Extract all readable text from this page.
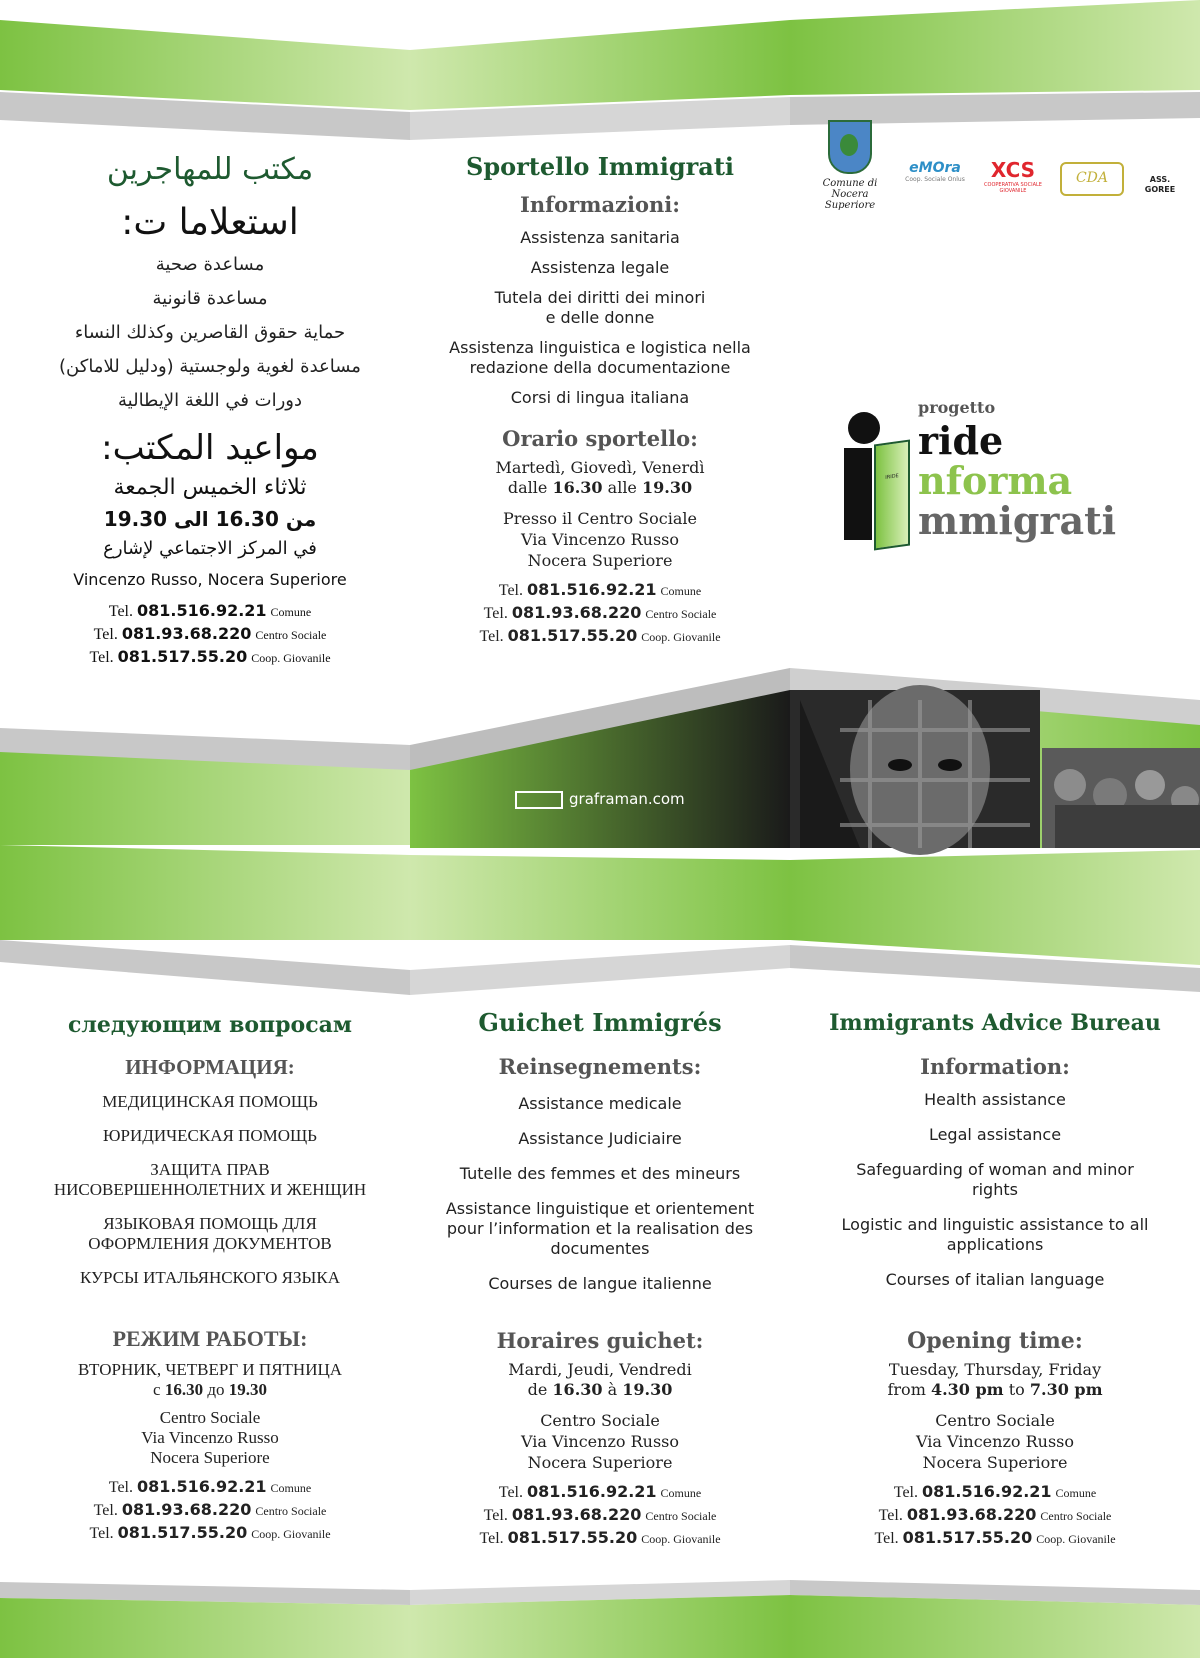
graframan.com
مكتب للمهاجرين
استعلاما ت:
مساعدة صحية
مساعدة قانونية
حماية حقوق القاصرين وكذلك النساء
مساعدة لغوية ولوجستية (ودليل للاماكن)
دورات في اللغة الإيطالية
مواعيد المكتب:
ثلاثاء الخميس الجمعة
من 16.30 الى 19.30
في المركز الاجتماعي لإشارع
Vincenzo Russo, Nocera Superiore
Tel. 081.516.92.21 Comune
Tel. 081.93.68.220 Centro Sociale
Tel. 081.517.55.20 Coop. Giovanile
Sportello Immigrati
Informazioni:
Assistenza sanitaria
Assistenza legale
Tutela dei diritti dei minori
e delle donne
Assistenza linguistica e logistica nella
redazione della documentazione
Corsi di lingua italiana
Orario sportello:
Martedì, Giovedì, Venerdì
dalle 16.30 alle 19.30
Presso il Centro Sociale
Via Vincenzo Russo
Nocera Superiore
Tel. 081.516.92.21 Comune
Tel. 081.93.68.220 Centro Sociale
Tel. 081.517.55.20 Coop. Giovanile
Comune di
Nocera Superiore
eMOra
Coop. Sociale Onlus	XCS
COOPERATIVA SOCIALE GIOVANILE
CDA	ASS.
GOREE
IRIDE
progetto
ride
nforma
mmigrati
следующим вопросам
ИНФОРМАЦИЯ:
МЕДИЦИНСКАЯ ПОМОЩЬ
ЮРИДИЧЕСКАЯ ПОМОЩЬ
ЗАЩИТА ПРАВ
НИСОВЕРШЕННОЛЕТНИХ И ЖЕНЩИН
ЯЗЫКОВАЯ ПОМОЩЬ ДЛЯ
ОФОРМЛЕНИЯ ДОКУМЕНТОВ
КУРСЫ ИТАЛЬЯНСКОГО ЯЗЫКА
РЕЖИМ РАБОТЫ:
ВТОРНИК, ЧЕТВЕРГ И ПЯТНИЦА
с 16.30 до 19.30
Centro Sociale
Via Vincenzo Russo
Nocera Superiore
Tel. 081.516.92.21 Comune
Tel. 081.93.68.220 Centro Sociale
Tel. 081.517.55.20 Coop. Giovanile
Guichet Immigrés
Reinsegnements:
Assistance medicale
Assistance Judiciaire
Tutelle des femmes et des mineurs
Assistance linguistique et orientement
pour l’information et la realisation des
documentes
Courses de langue italienne
Horaires guichet:
Mardi, Jeudi, Vendredi
de 16.30 à 19.30
Centro Sociale
Via Vincenzo Russo
Nocera Superiore
Tel. 081.516.92.21 Comune
Tel. 081.93.68.220 Centro Sociale
Tel. 081.517.55.20 Coop. Giovanile
Immigrants Advice Bureau
Information:
Health assistance
Legal assistance
Safeguarding of woman and minor
rights
Logistic and linguistic assistance to all
applications
Courses of italian language
Opening time:
Tuesday, Thursday, Friday
from 4.30 pm to 7.30 pm
Centro Sociale
Via Vincenzo Russo
Nocera Superiore
Tel. 081.516.92.21 Comune
Tel. 081.93.68.220 Centro Sociale
Tel. 081.517.55.20 Coop. Giovanile
